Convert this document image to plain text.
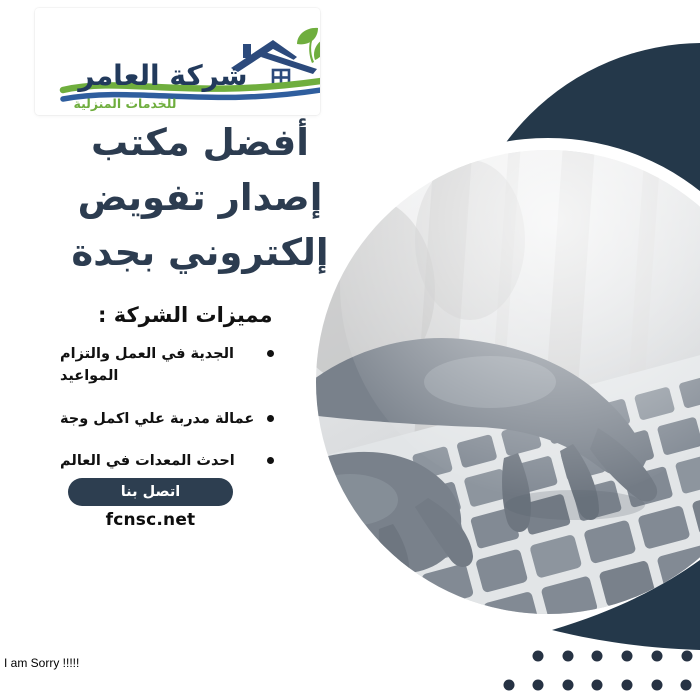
شركة العامر
للخدمات المنزلية
أفضل مكتب
إصدار تفويض
إلكتروني بجدة
مميزات الشركة :
الجدية في العمل والتزام المواعيد
عمالة مدربة علي اكمل وجة
احدث المعدات في العالم
اتصل بنا
fcnsc.net
I am Sorry !!!!!
